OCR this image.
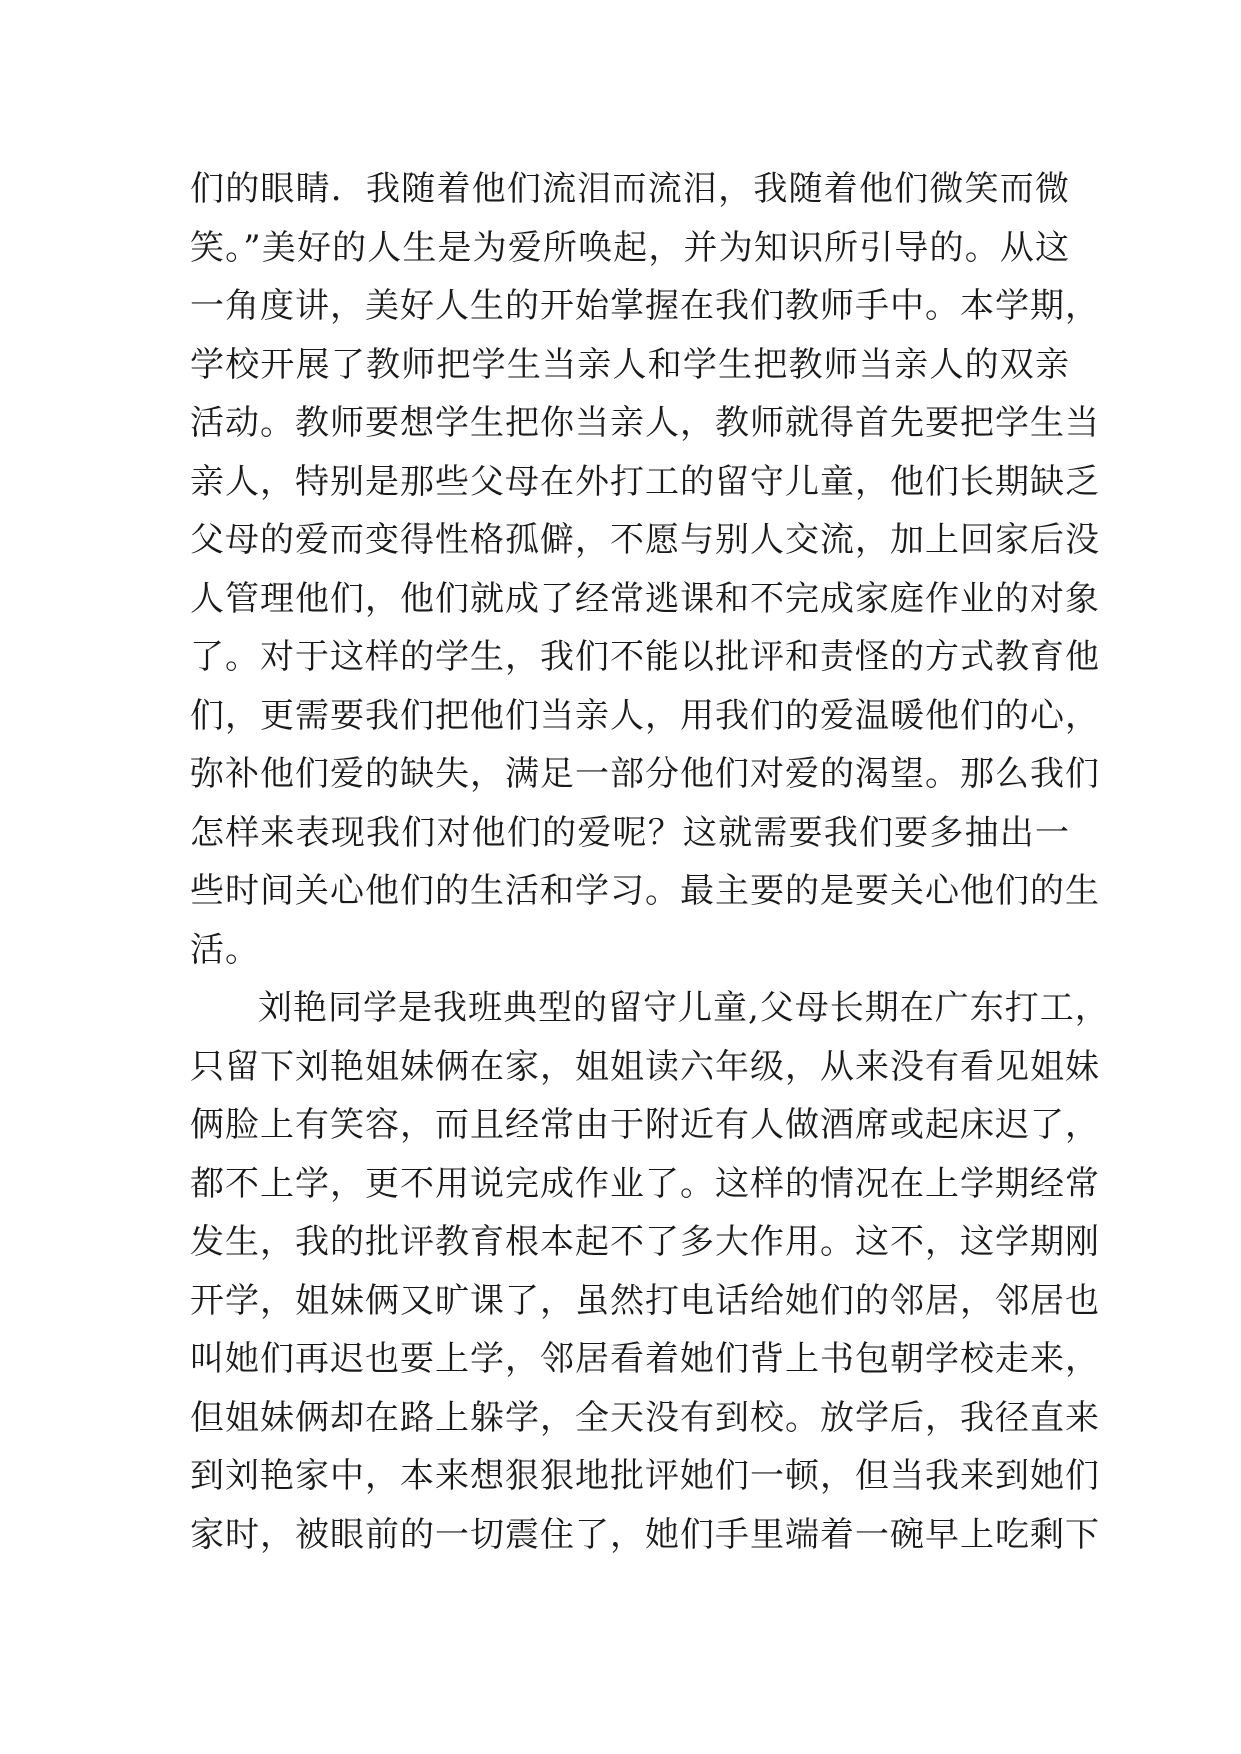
们的眼睛．我随着他们流泪而流泪，我随着他们微笑而微
笑。”美好的人生是为爱所唤起，并为知识所引导的。从这
一角度讲，美好人生的开始掌握在我们教师手中。本学期，
学校开展了教师把学生当亲人和学生把教师当亲人的双亲
活动。教师要想学生把你当亲人，教师就得首先要把学生当
亲人，特别是那些父母在外打工的留守儿童，他们长期缺乏
父母的爱而变得性格孤僻，不愿与别人交流，加上回家后没
人管理他们，他们就成了经常逃课和不完成家庭作业的对象
了。对于这样的学生，我们不能以批评和责怪的方式教育他
们，更需要我们把他们当亲人，用我们的爱温暖他们的心，
弥补他们爱的缺失，满足一部分他们对爱的渴望。那么我们
怎样来表现我们对他们的爱呢？这就需要我们要多抽出一
些时间关心他们的生活和学习。最主要的是要关心他们的生
活。
刘艳同学是我班典型的留守儿童,父母长期在广东打工，
只留下刘艳姐妹俩在家，姐姐读六年级，从来没有看见姐妹
俩脸上有笑容，而且经常由于附近有人做酒席或起床迟了，
都不上学，更不用说完成作业了。这样的情况在上学期经常
发生，我的批评教育根本起不了多大作用。这不，这学期刚
开学，姐妹俩又旷课了，虽然打电话给她们的邻居，邻居也
叫她们再迟也要上学，邻居看着她们背上书包朝学校走来，
但姐妹俩却在路上躲学，全天没有到校。放学后，我径直来
到刘艳家中，本来想狠狠地批评她们一顿，但当我来到她们
家时，被眼前的一切震住了，她们手里端着一碗早上吃剩下
